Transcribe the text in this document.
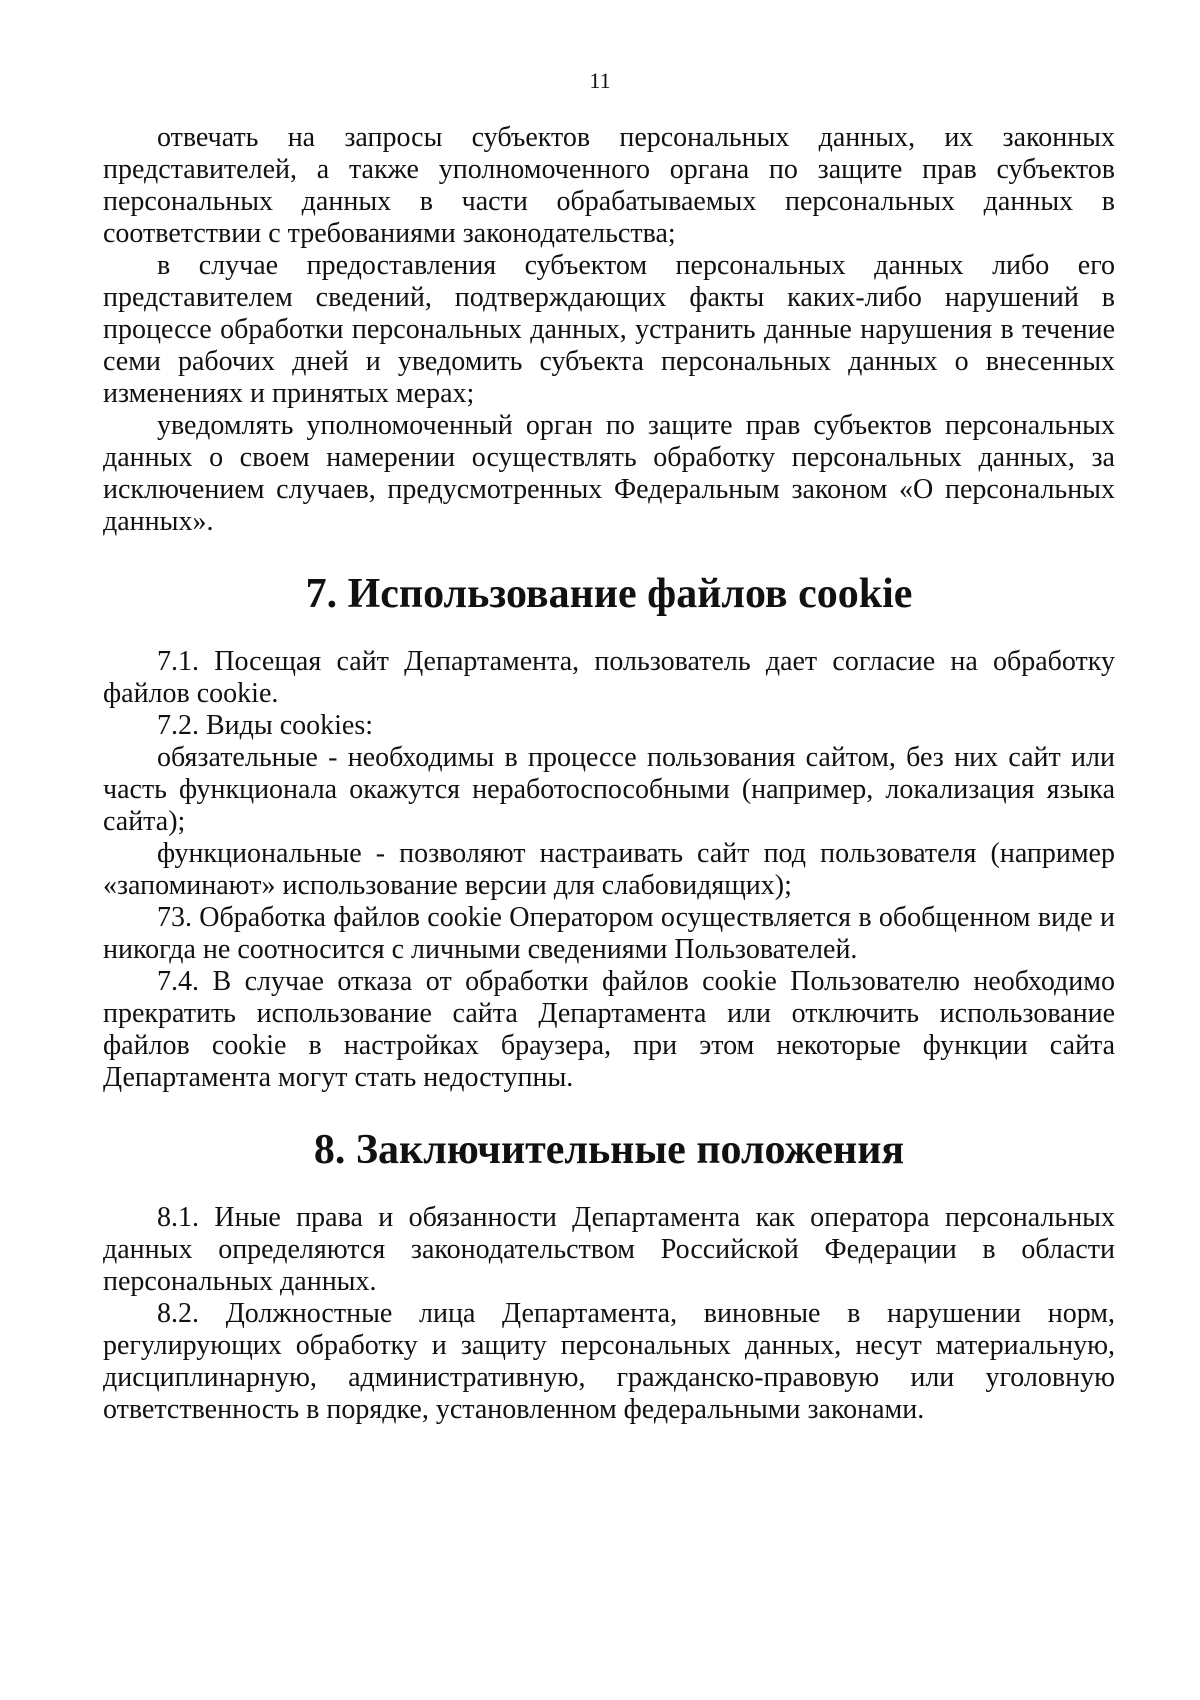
11

отвечать на запросы субъектов персональных данных, их законных представителей, а также уполномоченного органа по защите прав субъектов персональных данных в части обрабатываемых персональных данных в соответствии с требованиями законодательства;

в случае предоставления субъектом персональных данных либо его представителем сведений, подтверждающих факты каких-либо нарушений в процессе обработки персональных данных, устранить данные нарушения в течение семи рабочих дней и уведомить субъекта персональных данных о внесенных изменениях и принятых мерах;

уведомлять уполномоченный орган по защите прав субъектов персональных данных о своем намерении осуществлять обработку персональных данных, за исключением случаев, предусмотренных Федеральным законом «О персональных данных».

7. Использование файлов cookie

7.1. Посещая сайт Департамента, пользователь дает согласие на обработку файлов cookie.

7.2. Виды cookies:

обязательные - необходимы в процессе пользования сайтом, без них сайт или часть функционала окажутся неработоспособными (например, локализация языка сайта);

функциональные - позволяют настраивать сайт под пользователя (например «запоминают» использование версии для слабовидящих);

73. Обработка файлов cookie Оператором осуществляется в обобщенном виде и никогда не соотносится с личными сведениями Пользователей.

7.4. В случае отказа от обработки файлов cookie Пользователю необходимо прекратить использование сайта Департамента или отключить использование файлов cookie в настройках браузера, при этом некоторые функции сайта Департамента могут стать недоступны.

8. Заключительные положения

8.1. Иные права и обязанности Департамента как оператора персональных данных определяются законодательством Российской Федерации в области персональных данных.

8.2. Должностные лица Департамента, виновные в нарушении норм, регулирующих обработку и защиту персональных данных, несут материальную, дисциплинарную, административную, гражданско-правовую или уголовную ответственность в порядке, установленном федеральными законами.
